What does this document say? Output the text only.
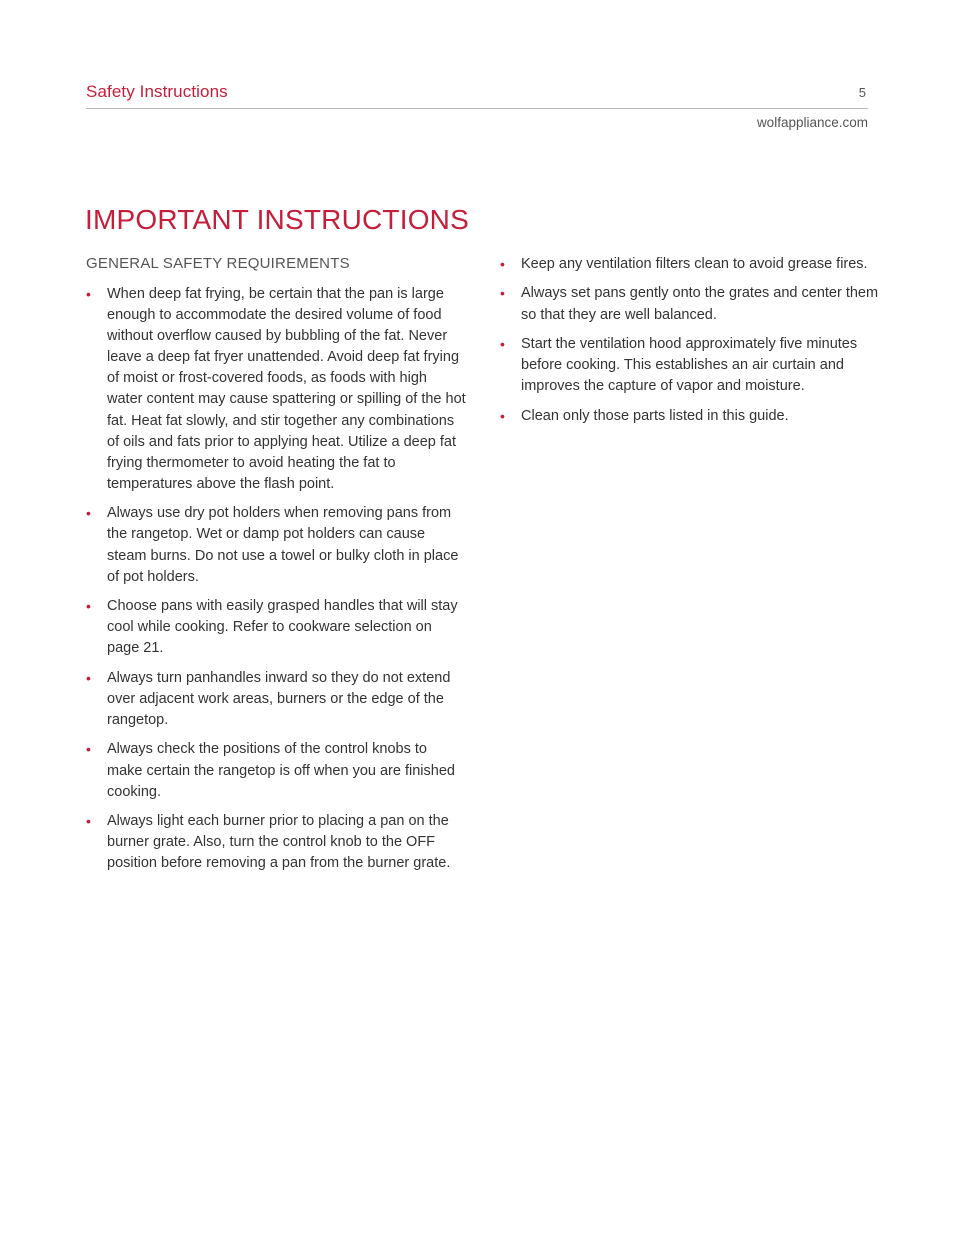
Safety Instructions	5
wolfappliance.com
IMPORTANT INSTRUCTIONS
GENERAL SAFETY REQUIREMENTS
• When deep fat frying, be certain that the pan is large enough to accommodate the desired volume of food without overflow caused by bubbling of the fat. Never leave a deep fat fryer unattended. Avoid deep fat frying of moist or frost-covered foods, as foods with high water content may cause spattering or spilling of the hot fat. Heat fat slowly, and stir together any combinations of oils and fats prior to applying heat. Utilize a deep fat frying thermometer to avoid heating the fat to temperatures above the flash point.
• Always use dry pot holders when removing pans from the rangetop. Wet or damp pot holders can cause steam burns. Do not use a towel or bulky cloth in place of pot holders.
• Choose pans with easily grasped handles that will stay cool while cooking. Refer to cookware selection on page 21.
• Always turn panhandles inward so they do not extend over adjacent work areas, burners or the edge of the rangetop.
• Always check the positions of the control knobs to make certain the rangetop is off when you are finished cooking.
• Always light each burner prior to placing a pan on the burner grate. Also, turn the control knob to the OFF position before removing a pan from the burner grate.
• Keep any ventilation filters clean to avoid grease fires.
• Always set pans gently onto the grates and center them so that they are well balanced.
• Start the ventilation hood approximately five minutes before cooking. This establishes an air curtain and improves the capture of vapor and moisture.
• Clean only those parts listed in this guide.
